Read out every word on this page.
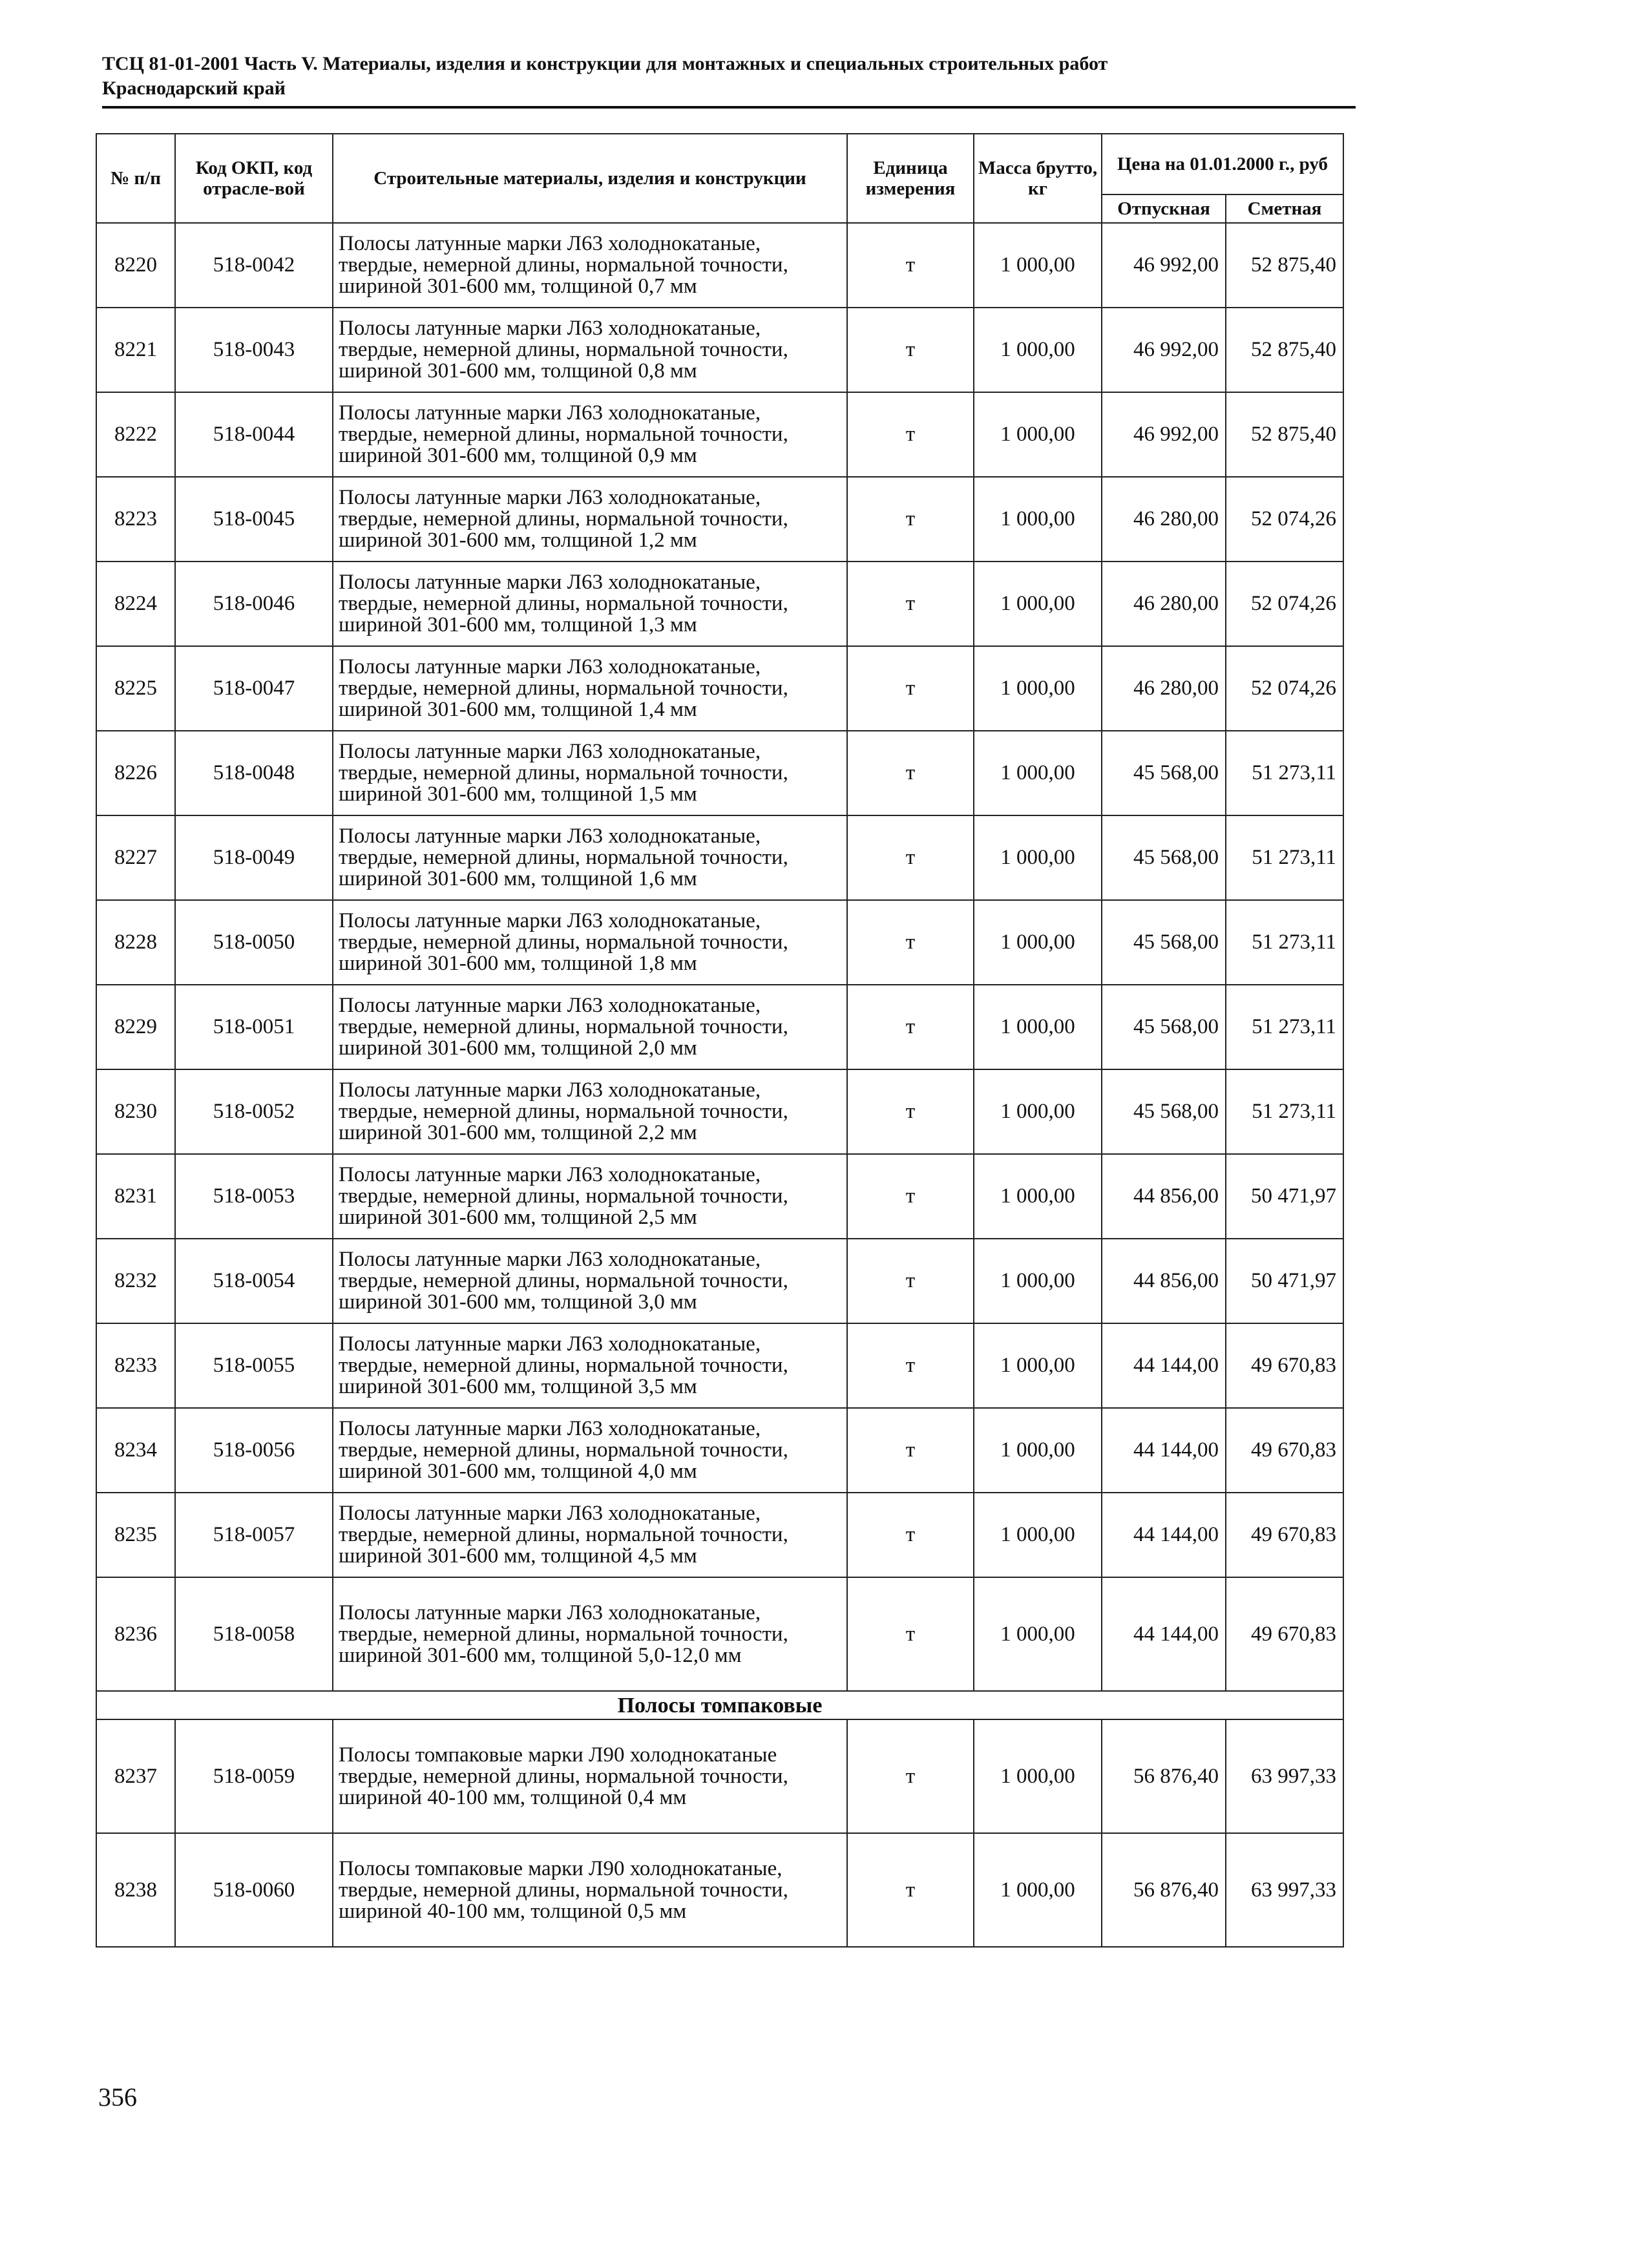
ТСЦ 81-01-2001 Часть V. Материалы, изделия и конструкции для монтажных и специальных строительных работ
Краснодарский край
№ п/п	Код ОКП, код отрасле-вой	Строительные материалы, изделия и конструкции	Единица измерения	Масса брутто, кг	Цена на 01.01.2000 г., руб	
					Отпускная	Сметная
8220	518-0042	Полосы латунные марки Л63 холоднокатаные, твердые, немерной длины, нормальной точности, шириной 301-600 мм, толщиной 0,7 мм	т	1 000,00	46 992,00	52 875,40
8221	518-0043	Полосы латунные марки Л63 холоднокатаные, твердые, немерной длины, нормальной точности, шириной 301-600 мм, толщиной 0,8 мм	т	1 000,00	46 992,00	52 875,40
8222	518-0044	Полосы латунные марки Л63 холоднокатаные, твердые, немерной длины, нормальной точности, шириной 301-600 мм, толщиной 0,9 мм	т	1 000,00	46 992,00	52 875,40
8223	518-0045	Полосы латунные марки Л63 холоднокатаные, твердые, немерной длины, нормальной точности, шириной 301-600 мм, толщиной 1,2 мм	т	1 000,00	46 280,00	52 074,26
8224	518-0046	Полосы латунные марки Л63 холоднокатаные, твердые, немерной длины, нормальной точности, шириной 301-600 мм, толщиной 1,3 мм	т	1 000,00	46 280,00	52 074,26
8225	518-0047	Полосы латунные марки Л63 холоднокатаные, твердые, немерной длины, нормальной точности, шириной 301-600 мм, толщиной 1,4 мм	т	1 000,00	46 280,00	52 074,26
8226	518-0048	Полосы латунные марки Л63 холоднокатаные, твердые, немерной длины, нормальной точности, шириной 301-600 мм, толщиной 1,5 мм	т	1 000,00	45 568,00	51 273,11
8227	518-0049	Полосы латунные марки Л63 холоднокатаные, твердые, немерной длины, нормальной точности, шириной 301-600 мм, толщиной 1,6 мм	т	1 000,00	45 568,00	51 273,11
8228	518-0050	Полосы латунные марки Л63 холоднокатаные, твердые, немерной длины, нормальной точности, шириной 301-600 мм, толщиной 1,8 мм	т	1 000,00	45 568,00	51 273,11
8229	518-0051	Полосы латунные марки Л63 холоднокатаные, твердые, немерной длины, нормальной точности, шириной 301-600 мм, толщиной 2,0 мм	т	1 000,00	45 568,00	51 273,11
8230	518-0052	Полосы латунные марки Л63 холоднокатаные, твердые, немерной длины, нормальной точности, шириной 301-600 мм, толщиной 2,2 мм	т	1 000,00	45 568,00	51 273,11
8231	518-0053	Полосы латунные марки Л63 холоднокатаные, твердые, немерной длины, нормальной точности, шириной 301-600 мм, толщиной 2,5 мм	т	1 000,00	44 856,00	50 471,97
8232	518-0054	Полосы латунные марки Л63 холоднокатаные, твердые, немерной длины, нормальной точности, шириной 301-600 мм, толщиной 3,0 мм	т	1 000,00	44 856,00	50 471,97
8233	518-0055	Полосы латунные марки Л63 холоднокатаные, твердые, немерной длины, нормальной точности, шириной 301-600 мм, толщиной 3,5 мм	т	1 000,00	44 144,00	49 670,83
8234	518-0056	Полосы латунные марки Л63 холоднокатаные, твердые, немерной длины, нормальной точности, шириной 301-600 мм, толщиной 4,0 мм	т	1 000,00	44 144,00	49 670,83
8235	518-0057	Полосы латунные марки Л63 холоднокатаные, твердые, немерной длины, нормальной точности, шириной 301-600 мм, толщиной 4,5 мм	т	1 000,00	44 144,00	49 670,83
8236	518-0058	Полосы латунные марки Л63 холоднокатаные, твердые, немерной длины, нормальной точности, шириной 301-600 мм, толщиной 5,0-12,0 мм	т	1 000,00	44 144,00	49 670,83
Полосы томпаковые						
8237	518-0059	Полосы томпаковые марки Л90 холоднокатаные твердые, немерной длины, нормальной точности, шириной 40-100 мм, толщиной 0,4 мм	т	1 000,00	56 876,40	63 997,33
8238	518-0060	Полосы томпаковые марки Л90 холоднокатаные, твердые, немерной длины, нормальной точности, шириной 40-100 мм, толщиной 0,5 мм	т	1 000,00	56 876,40	63 997,33
356
